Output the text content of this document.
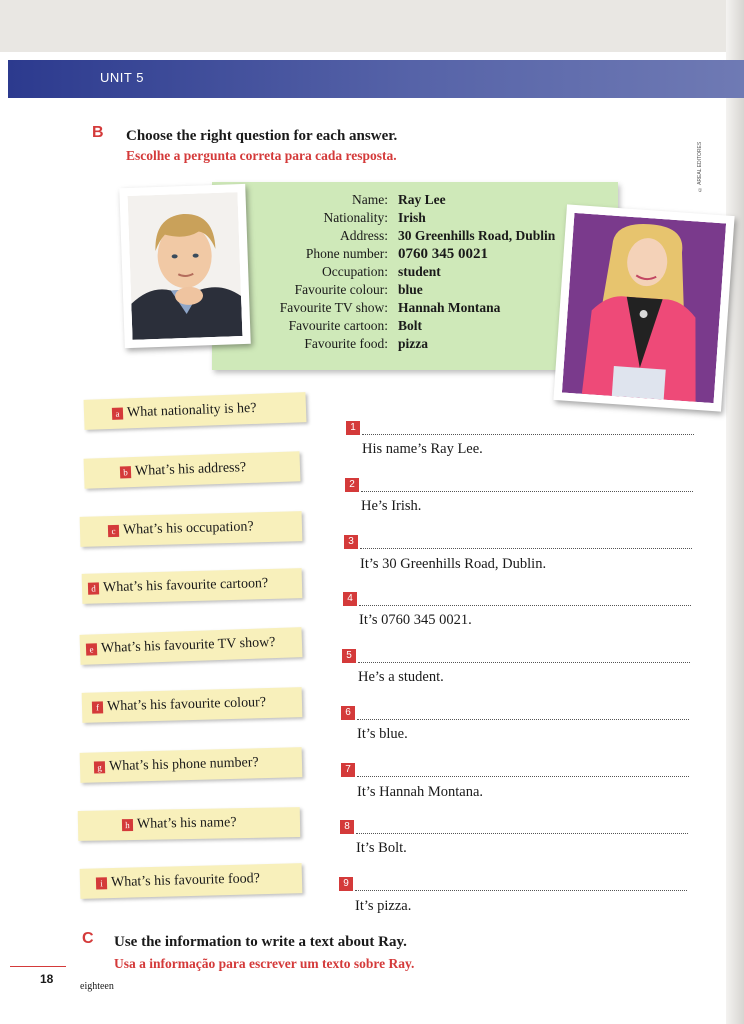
UNIT 5
B Choose the right question for each answer.
Escolhe a pergunta correta para cada resposta.	© AREAL EDITORES
Name: Ray Lee
Nationality: Irish
Address: 30 Greenhills Road, Dublin
Phone number: 0760 345 0021
Occupation: student
Favourite colour: blue
Favourite TV show: Hannah Montana
Favourite cartoon: Bolt
Favourite food: pizza
a What nationality is he?
b What’s his address?
c What’s his occupation?
d What’s his favourite cartoon?
e What’s his favourite TV show?
f What’s his favourite colour?
g What’s his phone number?
h What’s his name?
i What’s his favourite food?
1
His name’s Ray Lee.
2
He’s Irish.
3
It’s 30 Greenhills Road, Dublin.
4
It’s 0760 345 0021.
5
He’s a student.
6
It’s blue.
7
It’s Hannah Montana.
8
It’s Bolt.
9
It’s pizza.
C Use the information to write a text about Ray.
Usa a informação para escrever um texto sobre Ray.
18
eighteen
